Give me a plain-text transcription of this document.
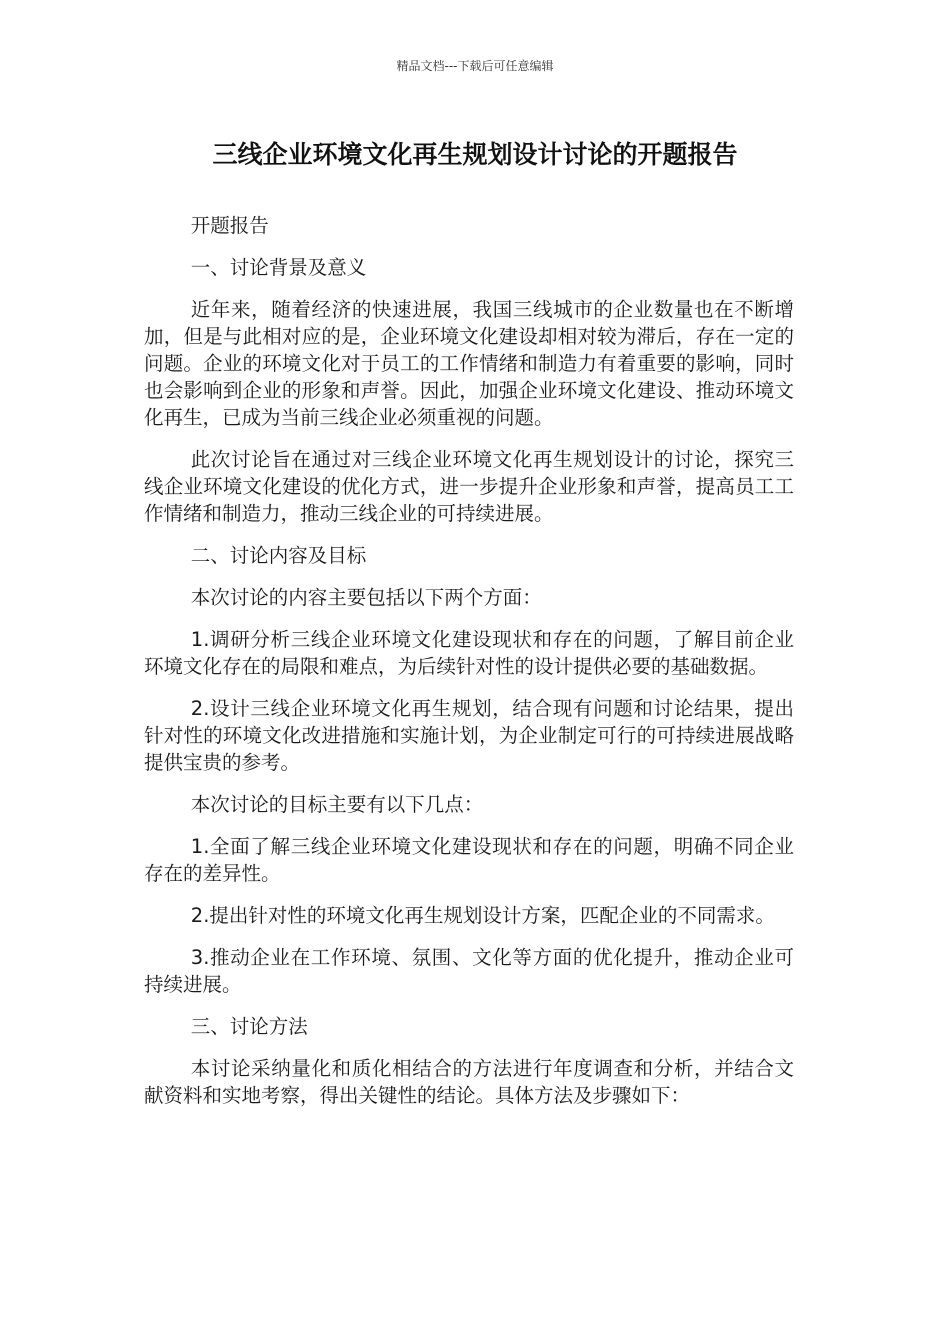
精品文档---下载后可任意编辑
三线企业环境文化再生规划设计讨论的开题报告

开题报告

一、讨论背景及意义

近年来，随着经济的快速进展，我国三线城市的企业数量也在不断增加，但是与此相对应的是，企业环境文化建设却相对较为滞后，存在一定的问题。企业的环境文化对于员工的工作情绪和制造力有着重要的影响，同时也会影响到企业的形象和声誉。因此，加强企业环境文化建设、推动环境文化再生，已成为当前三线企业必须重视的问题。

此次讨论旨在通过对三线企业环境文化再生规划设计的讨论，探究三线企业环境文化建设的优化方式，进一步提升企业形象和声誉，提高员工工作情绪和制造力，推动三线企业的可持续进展。

二、讨论内容及目标

本次讨论的内容主要包括以下两个方面：

1.调研分析三线企业环境文化建设现状和存在的问题，了解目前企业环境文化存在的局限和难点，为后续针对性的设计提供必要的基础数据。

2.设计三线企业环境文化再生规划，结合现有问题和讨论结果，提出针对性的环境文化改进措施和实施计划，为企业制定可行的可持续进展战略提供宝贵的参考。

本次讨论的目标主要有以下几点：

1.全面了解三线企业环境文化建设现状和存在的问题，明确不同企业存在的差异性。

2.提出针对性的环境文化再生规划设计方案，匹配企业的不同需求。

3.推动企业在工作环境、氛围、文化等方面的优化提升，推动企业可持续进展。

三、讨论方法

本讨论采纳量化和质化相结合的方法进行年度调查和分析，并结合文献资料和实地考察，得出关键性的结论。具体方法及步骤如下：
